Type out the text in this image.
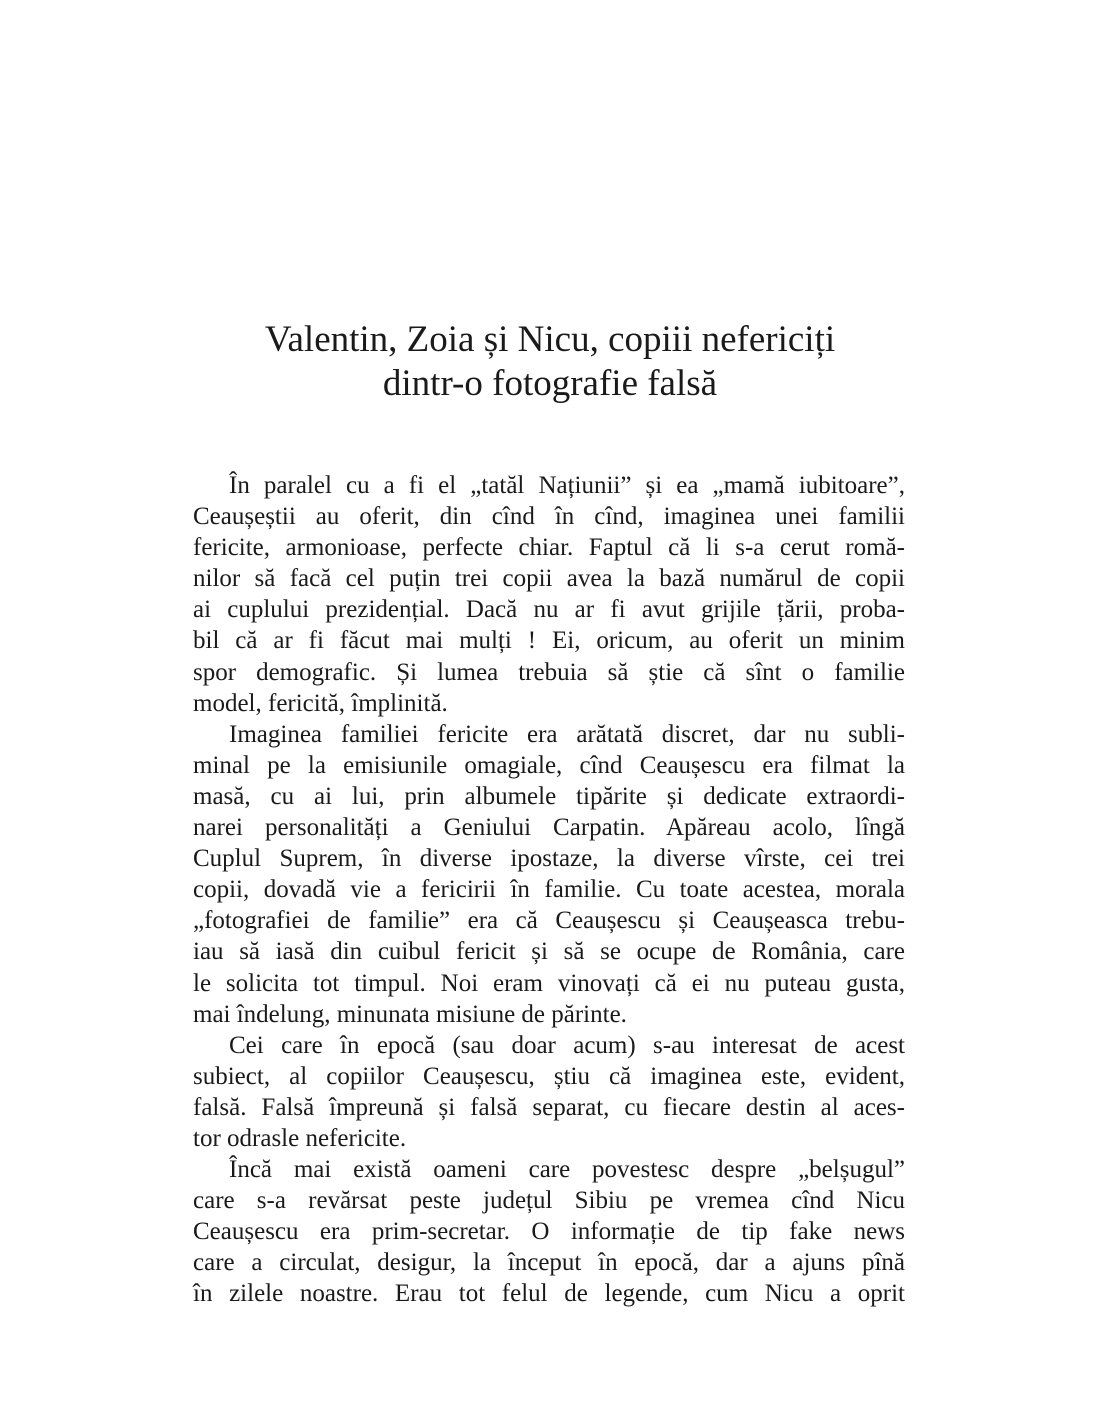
Valentin, Zoia și Nicu, copiii nefericiți
dintr-o fotografie falsă
În paralel cu a fi el „tatăl Națiunii” și ea „mamă iubitoare”,
Ceaușeștii au oferit, din cînd în cînd, imaginea unei familii
fericite, armonioase, perfecte chiar. Faptul că li s-a cerut romă-
nilor să facă cel puțin trei copii avea la bază numărul de copii
ai cuplului prezidențial. Dacă nu ar fi avut grijile țării, proba-
bil că ar fi făcut mai mulți ! Ei, oricum, au oferit un minim
spor demografic. Și lumea trebuia să știe că sînt o familie
model, fericită, împlinită.
Imaginea familiei fericite era arătată discret, dar nu subli-
minal pe la emisiunile omagiale, cînd Ceaușescu era filmat la
masă, cu ai lui, prin albumele tipărite și dedicate extraordi-
narei personalități a Geniului Carpatin. Apăreau acolo, lîngă
Cuplul Suprem, în diverse ipostaze, la diverse vîrste, cei trei
copii, dovadă vie a fericirii în familie. Cu toate acestea, morala
„fotografiei de familie” era că Ceaușescu și Ceaușeasca trebu-
iau să iasă din cuibul fericit și să se ocupe de România, care
le solicita tot timpul. Noi eram vinovați că ei nu puteau gusta,
mai îndelung, minunata misiune de părinte.
Cei care în epocă (sau doar acum) s-au interesat de acest
subiect, al copiilor Ceaușescu, știu că imaginea este, evident,
falsă. Falsă împreună și falsă separat, cu fiecare destin al aces-
tor odrasle nefericite.
Încă mai există oameni care povestesc despre „belșugul”
care s-a revărsat peste județul Sibiu pe vremea cînd Nicu
Ceaușescu era prim-secretar. O informație de tip fake news
care a circulat, desigur, la început în epocă, dar a ajuns pînă
în zilele noastre. Erau tot felul de legende, cum Nicu a oprit
